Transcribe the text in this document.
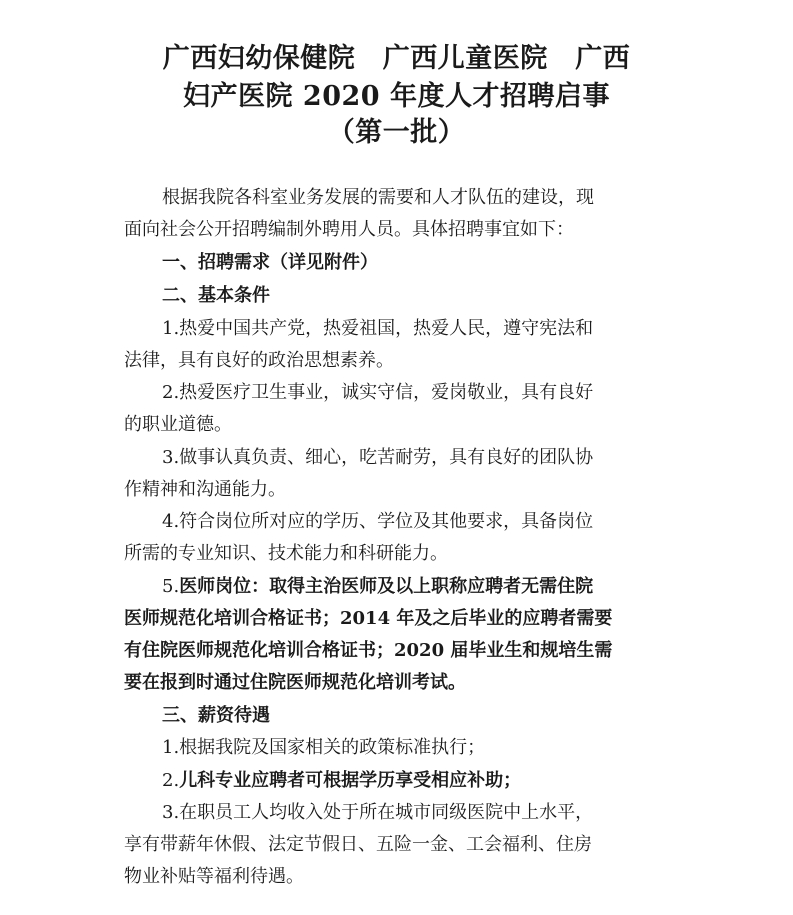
广西妇幼保健院　广西儿童医院　广西
妇产医院 2020 年度人才招聘启事
（第一批）
根据我院各科室业务发展的需要和人才队伍的建设，现
面向社会公开招聘编制外聘用人员。具体招聘事宜如下：
一、招聘需求（详见附件）
二、基本条件
1.热爱中国共产党，热爱祖国，热爱人民，遵守宪法和
法律，具有良好的政治思想素养。
2.热爱医疗卫生事业，诚实守信，爱岗敬业，具有良好
的职业道德。
3.做事认真负责、细心，吃苦耐劳，具有良好的团队协
作精神和沟通能力。
4.符合岗位所对应的学历、学位及其他要求，具备岗位
所需的专业知识、技术能力和科研能力。
5.医师岗位：取得主治医师及以上职称应聘者无需住院
医师规范化培训合格证书；2014 年及之后毕业的应聘者需要
有住院医师规范化培训合格证书；2020 届毕业生和规培生需
要在报到时通过住院医师规范化培训考试。
三、薪资待遇
1.根据我院及国家相关的政策标准执行；
2.儿科专业应聘者可根据学历享受相应补助；
3.在职员工人均收入处于所在城市同级医院中上水平，
享有带薪年休假、法定节假日、五险一金、工会福利、住房
物业补贴等福利待遇。
